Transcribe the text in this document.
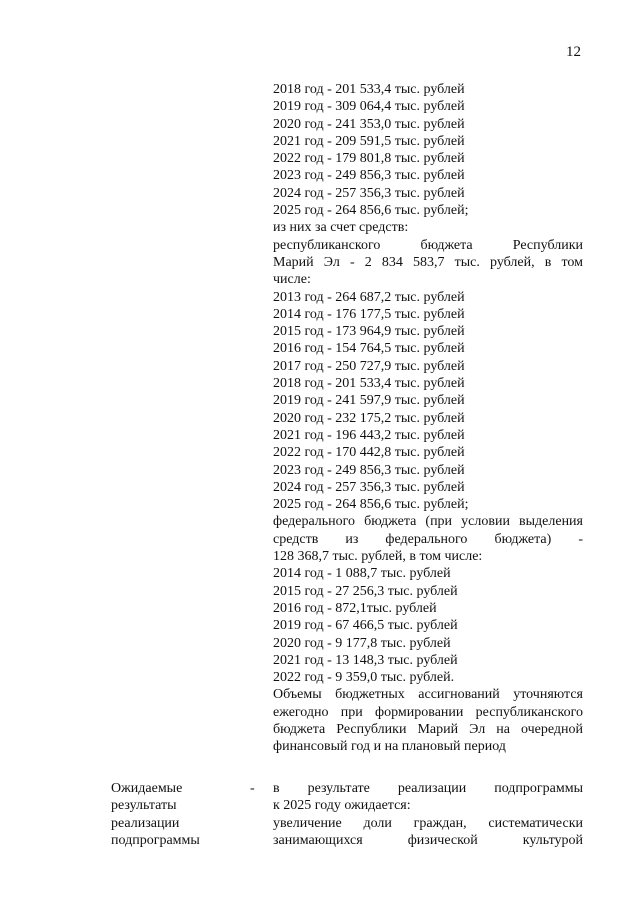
12
2018 год - 201 533,4 тыс. рублей
2019 год - 309 064,4 тыс. рублей
2020 год - 241 353,0 тыс. рублей
2021 год - 209 591,5 тыс. рублей
2022 год - 179 801,8 тыс. рублей
2023 год - 249 856,3 тыс. рублей
2024 год - 257 356,3 тыс. рублей
2025 год - 264 856,6 тыс. рублей;
из них за счет средств:
республиканского бюджета Республики
Марий Эл - 2 834 583,7 тыс. рублей, в том
числе:
2013 год - 264 687,2 тыс. рублей
2014 год - 176 177,5 тыс. рублей
2015 год - 173 964,9 тыс. рублей
2016 год - 154 764,5 тыс. рублей
2017 год - 250 727,9 тыс. рублей
2018 год - 201 533,4 тыс. рублей
2019 год - 241 597,9 тыс. рублей
2020 год - 232 175,2 тыс. рублей
2021 год - 196 443,2 тыс. рублей
2022 год - 170 442,8 тыс. рублей
2023 год - 249 856,3 тыс. рублей
2024 год - 257 356,3 тыс. рублей
2025 год - 264 856,6 тыс. рублей;
федерального бюджета (при условии выделения
средств из федерального бюджета) -
128 368,7 тыс. рублей, в том числе:
2014 год - 1 088,7 тыс. рублей
2015 год - 27 256,3 тыс. рублей
2016 год - 872,1тыс. рублей
2019 год - 67 466,5 тыс. рублей
2020 год - 9 177,8 тыс. рублей
2021 год - 13 148,3 тыс. рублей
2022 год - 9 359,0 тыс. рублей.
Объемы бюджетных ассигнований уточняются
ежегодно при формировании республиканского
бюджета Республики Марий Эл на очередной
финансовый год и на плановый период
Ожидаемые
результаты
реализации
подпрограммы
- в результате реализации подпрограммы
к 2025 году ожидается:
увеличение доли граждан, систематически
занимающихся физической культурой
